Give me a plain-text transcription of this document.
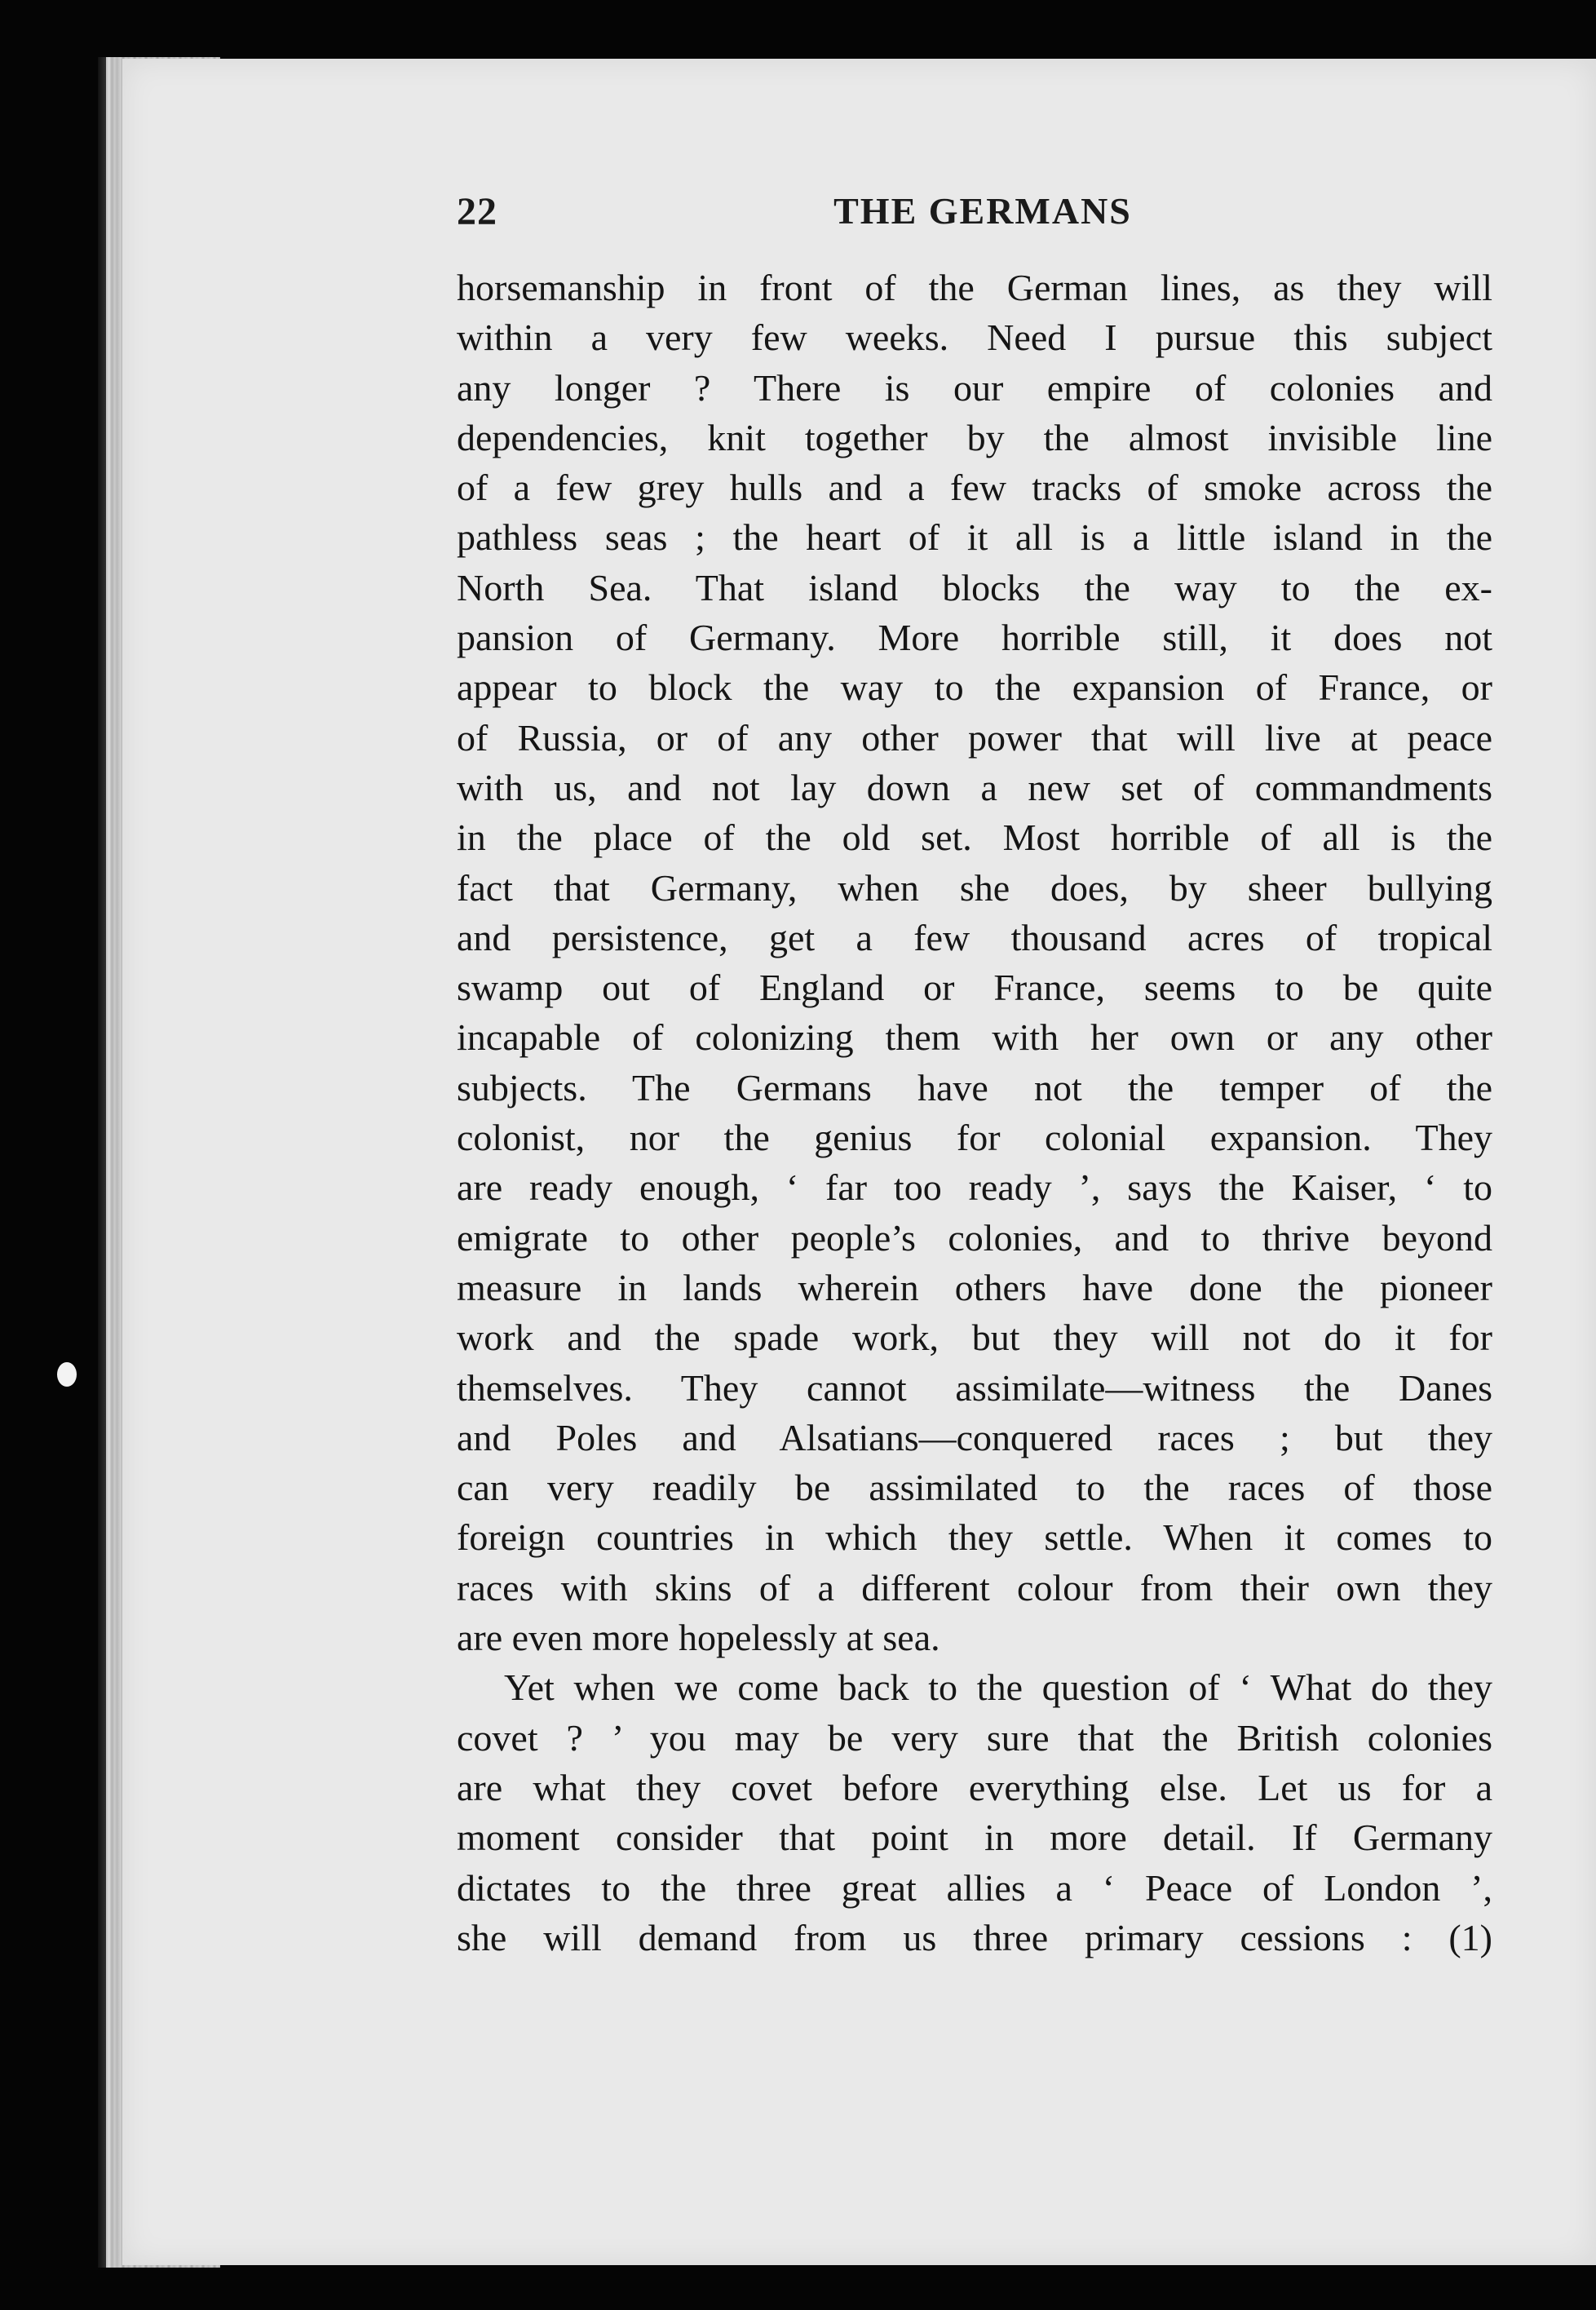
22	THE GERMANS
horsemanship in front of the German lines, as they will
within a very few weeks. Need I pursue this subject
any longer ? There is our empire of colonies and
dependencies, knit together by the almost invisible line
of a few grey hulls and a few tracks of smoke across the
pathless seas ; the heart of it all is a little island in the
North Sea. That island blocks the way to the ex-
pansion of Germany. More horrible still, it does not
appear to block the way to the expansion of France, or
of Russia, or of any other power that will live at peace
with us, and not lay down a new set of commandments
in the place of the old set. Most horrible of all is the
fact that Germany, when she does, by sheer bullying
and persistence, get a few thousand acres of tropical
swamp out of England or France, seems to be quite
incapable of colonizing them with her own or any other
subjects. The Germans have not the temper of the
colonist, nor the genius for colonial expansion. They
are ready enough, ‘ far too ready ’, says the Kaiser, ‘ to
emigrate to other people’s colonies, and to thrive beyond
measure in lands wherein others have done the pioneer
work and the spade work, but they will not do it for
themselves. They cannot assimilate—witness the Danes
and Poles and Alsatians—conquered races ; but they
can very readily be assimilated to the races of those
foreign countries in which they settle. When it comes to
races with skins of a different colour from their own they
are even more hopelessly at sea.
Yet when we come back to the question of ‘ What do they
covet ? ’ you may be very sure that the British colonies
are what they covet before everything else. Let us for a
moment consider that point in more detail. If Germany
dictates to the three great allies a ‘ Peace of London ’,
she will demand from us three primary cessions : (1)
